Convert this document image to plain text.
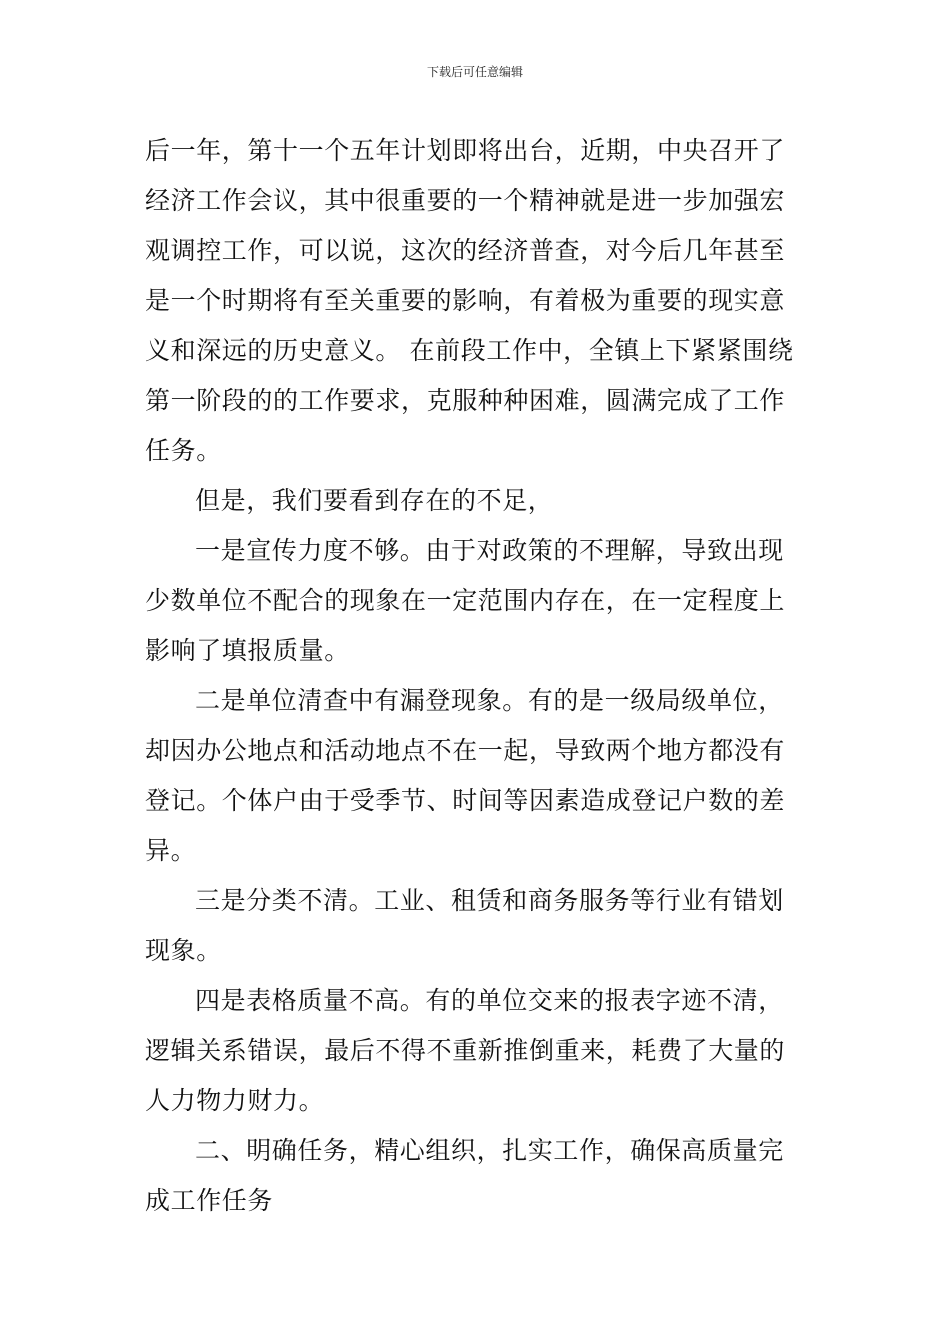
下载后可任意编辑

后一年，第十一个五年计划即将出台，近期，中央召开了
经济工作会议，其中很重要的一个精神就是进一步加强宏
观调控工作，可以说，这次的经济普查，对今后几年甚至
是一个时期将有至关重要的影响，有着极为重要的现实意
义和深远的历史意义。 在前段工作中，全镇上下紧紧围绕
第一阶段的的工作要求，克服种种困难，圆满完成了工作
任务。

但是，我们要看到存在的不足，

一是宣传力度不够。由于对政策的不理解，导致出现
少数单位不配合的现象在一定范围内存在，在一定程度上
影响了填报质量。

二是单位清查中有漏登现象。有的是一级局级单位，
却因办公地点和活动地点不在一起，导致两个地方都没有
登记。个体户由于受季节、时间等因素造成登记户数的差
异。

三是分类不清。工业、租赁和商务服务等行业有错划
现象。

四是表格质量不高。有的单位交来的报表字迹不清，
逻辑关系错误，最后不得不重新推倒重来，耗费了大量的
人力物力财力。

二、明确任务，精心组织，扎实工作，确保高质量完
成工作任务
